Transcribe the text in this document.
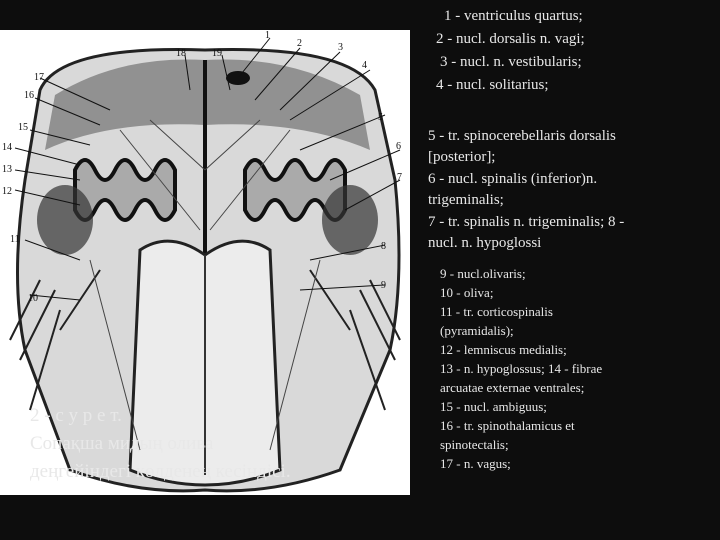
1
2	3
4
5
6
7
8
9
10
11
12
13
14
15
16
17
18	19
2 - с у р е т.
Сопақша мидың олива
деңгейіндегі көлденең кесіндісі.
1 - ventriculus quartus;
2 - nucl. dorsalis n. vagi;
3 - nucl. n. vestibularis;
4 - nucl. solitarius;
5 - tr. spinocerebellaris dorsalis
[posterior];
6 - nucl. spinalis (inferior)n.
trigeminalis;
7 - tr. spinalis n. trigeminalis; 8 -
nucl. n. hypoglossi
9 - nucl.olivaris;
10 - oliva;
11 - tr. corticospinalis
(pyramidalis);
12 - lemniscus medialis;
13 - n. hypoglossus; 14 - fibrae
arcuatae externae ventrales;
15 - nucl. ambiguus;
16 - tr. spinothalamicus et
spinotectalis;
17 - n. vagus;
